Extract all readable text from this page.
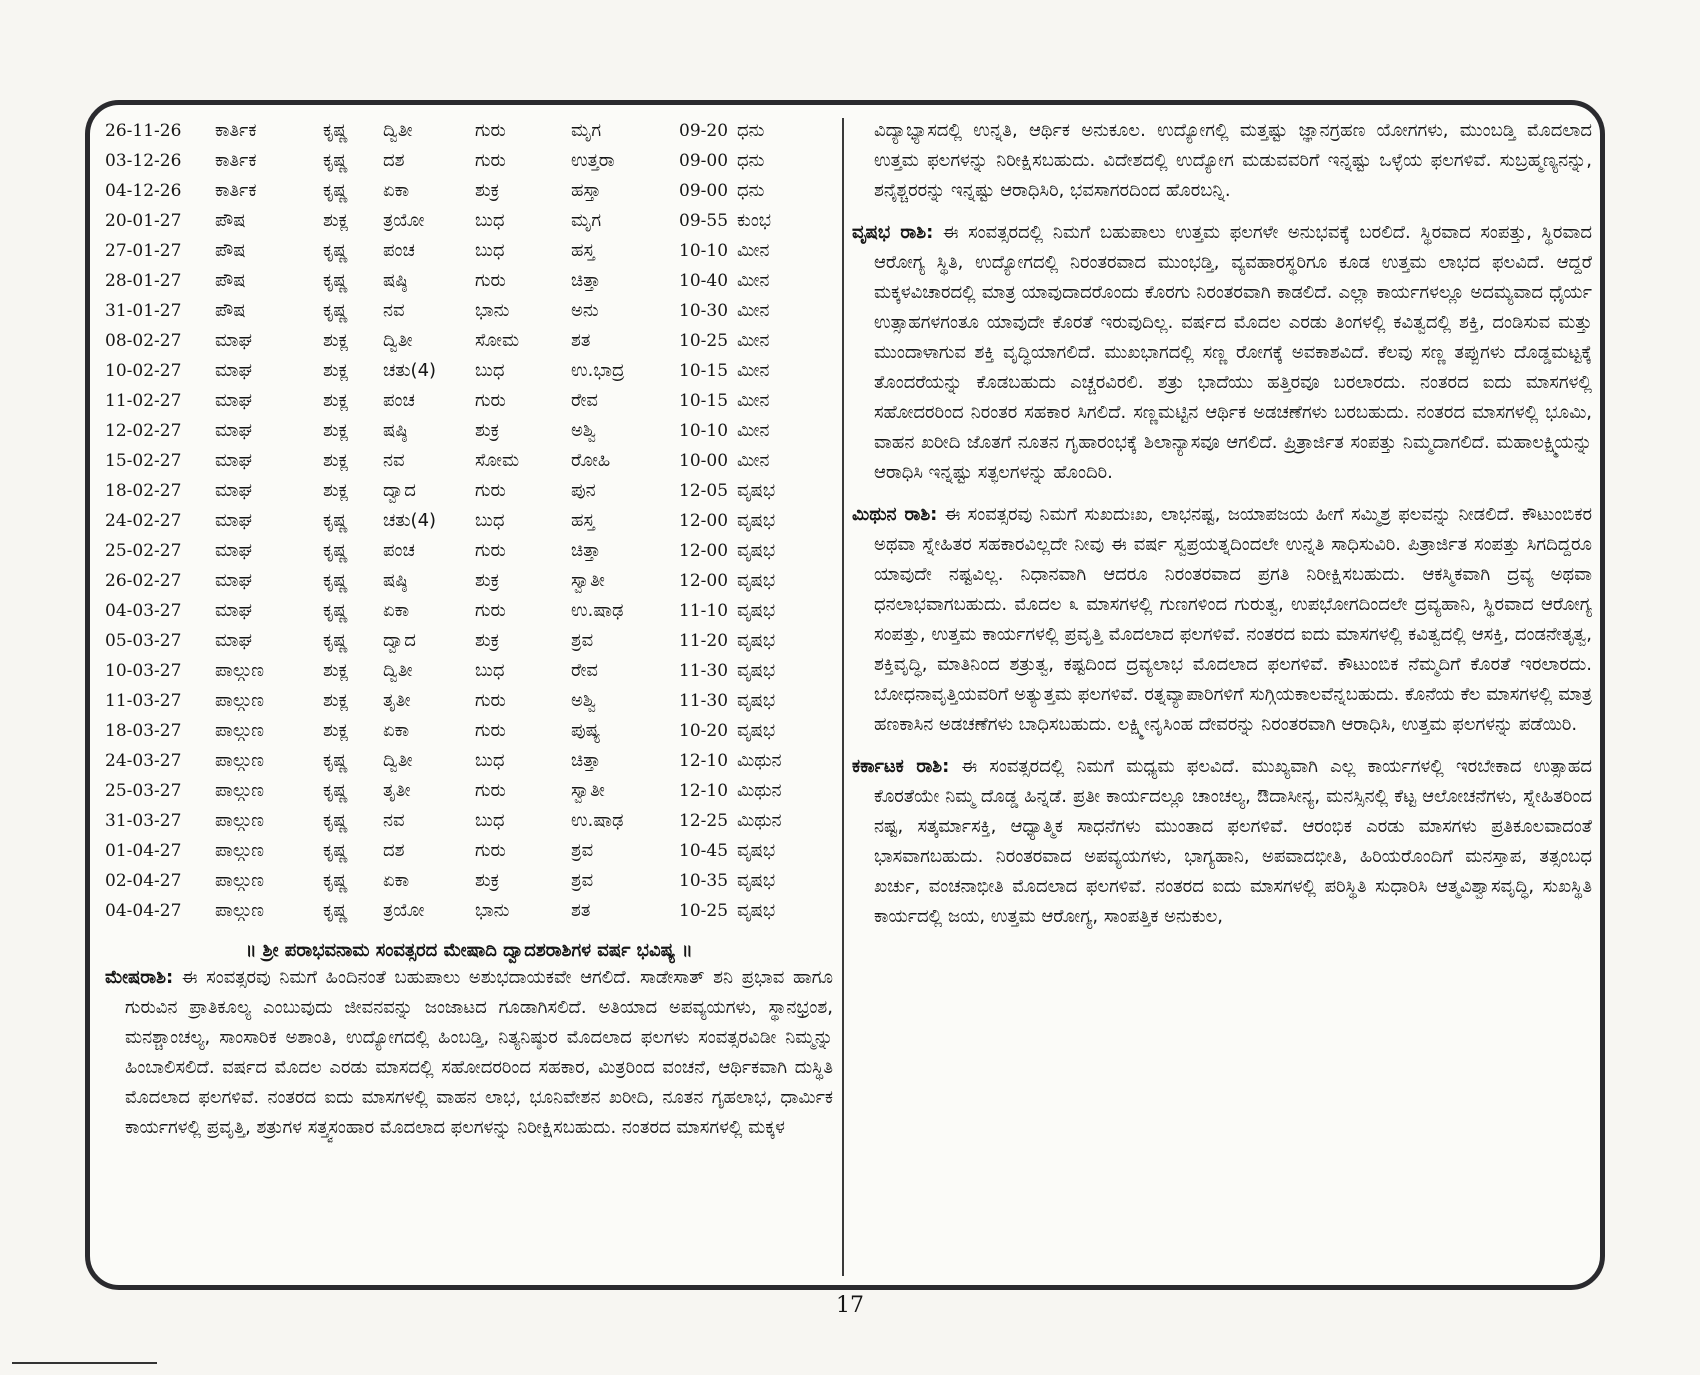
26-11-26	ಕಾರ್ತಿಕ	ಕೃಷ್ಣ	ದ್ವಿತೀ	ಗುರು	ಮೃಗ	09-20	ಧನು
03-12-26	ಕಾರ್ತಿಕ	ಕೃಷ್ಣ	ದಶ	ಗುರು	ಉತ್ತರಾ	09-00	ಧನು
04-12-26	ಕಾರ್ತಿಕ	ಕೃಷ್ಣ	ಏಕಾ	ಶುಕ್ರ	ಹಸ್ತಾ	09-00	ಧನು
20-01-27	ಪೌಷ	ಶುಕ್ಲ	ತ್ರಯೋ	ಬುಧ	ಮೃಗ	09-55	ಕುಂಭ
27-01-27	ಪೌಷ	ಕೃಷ್ಣ	ಪಂಚ	ಬುಧ	ಹಸ್ತ	10-10	ಮೀನ
28-01-27	ಪೌಷ	ಕೃಷ್ಣ	ಷಷ್ಠಿ	ಗುರು	ಚಿತ್ತಾ	10-40	ಮೀನ
31-01-27	ಪೌಷ	ಕೃಷ್ಣ	ನವ	ಭಾನು	ಅನು	10-30	ಮೀನ
08-02-27	ಮಾಘ	ಶುಕ್ಲ	ದ್ವಿತೀ	ಸೋಮ	ಶತ	10-25	ಮೀನ
10-02-27	ಮಾಘ	ಶುಕ್ಲ	ಚತು(4)	ಬುಧ	ಉ.ಭಾದ್ರ	10-15	ಮೀನ
11-02-27	ಮಾಘ	ಶುಕ್ಲ	ಪಂಚ	ಗುರು	ರೇವ	10-15	ಮೀನ
12-02-27	ಮಾಘ	ಶುಕ್ಲ	ಷಷ್ಠಿ	ಶುಕ್ರ	ಅಶ್ವಿ	10-10	ಮೀನ
15-02-27	ಮಾಘ	ಶುಕ್ಲ	ನವ	ಸೋಮ	ರೋಹಿ	10-00	ಮೀನ
18-02-27	ಮಾಘ	ಶುಕ್ಲ	ದ್ವಾದ	ಗುರು	ಪುನ	12-05	ವೃಷಭ
24-02-27	ಮಾಘ	ಕೃಷ್ಣ	ಚತು(4)	ಬುಧ	ಹಸ್ತ	12-00	ವೃಷಭ
25-02-27	ಮಾಘ	ಕೃಷ್ಣ	ಪಂಚ	ಗುರು	ಚಿತ್ತಾ	12-00	ವೃಷಭ
26-02-27	ಮಾಘ	ಕೃಷ್ಣ	ಷಷ್ಠಿ	ಶುಕ್ರ	ಸ್ವಾತೀ	12-00	ವೃಷಭ
04-03-27	ಮಾಘ	ಕೃಷ್ಣ	ಏಕಾ	ಗುರು	ಉ.ಷಾಢ	11-10	ವೃಷಭ
05-03-27	ಮಾಘ	ಕೃಷ್ಣ	ದ್ವಾದ	ಶುಕ್ರ	ಶ್ರವ	11-20	ವೃಷಭ
10-03-27	ಪಾಲ್ಗುಣ	ಶುಕ್ಲ	ದ್ವಿತೀ	ಬುಧ	ರೇವ	11-30	ವೃಷಭ
11-03-27	ಪಾಲ್ಗುಣ	ಶುಕ್ಲ	ತೃತೀ	ಗುರು	ಅಶ್ವಿ	11-30	ವೃಷಭ
18-03-27	ಪಾಲ್ಗುಣ	ಶುಕ್ಲ	ಏಕಾ	ಗುರು	ಪುಷ್ಯ	10-20	ವೃಷಭ
24-03-27	ಪಾಲ್ಗುಣ	ಕೃಷ್ಣ	ದ್ವಿತೀ	ಬುಧ	ಚಿತ್ತಾ	12-10	ಮಿಥುನ
25-03-27	ಪಾಲ್ಗುಣ	ಕೃಷ್ಣ	ತೃತೀ	ಗುರು	ಸ್ವಾತೀ	12-10	ಮಿಥುನ
31-03-27	ಪಾಲ್ಗುಣ	ಕೃಷ್ಣ	ನವ	ಬುಧ	ಉ.ಷಾಢ	12-25	ಮಿಥುನ
01-04-27	ಪಾಲ್ಗುಣ	ಕೃಷ್ಣ	ದಶ	ಗುರು	ಶ್ರವ	10-45	ವೃಷಭ
02-04-27	ಪಾಲ್ಗುಣ	ಕೃಷ್ಣ	ಏಕಾ	ಶುಕ್ರ	ಶ್ರವ	10-35	ವೃಷಭ
04-04-27	ಪಾಲ್ಗುಣ	ಕೃಷ್ಣ	ತ್ರಯೋ	ಭಾನು	ಶತ	10-25	ವೃಷಭ
॥ ಶ್ರೀ ಪರಾಭವನಾಮ ಸಂವತ್ಸರದ ಮೇಷಾದಿ ದ್ವಾದಶರಾಶಿಗಳ ವರ್ಷ ಭವಿಷ್ಯ ॥

ಮೇಷರಾಶಿ: ಈ ಸಂವತ್ಸರವು ನಿಮಗೆ ಹಿಂದಿನಂತೆ ಬಹುಪಾಲು ಅಶುಭದಾಯಕವೇ ಆಗಲಿದೆ. ಸಾಡೇಸಾತ್ ಶನಿ ಪ್ರಭಾವ ಹಾಗೂ ಗುರುವಿನ ಪ್ರಾತಿಕೂಲ್ಯ ಎಂಬುವುದು ಜೀವನವನ್ನು ಜಂಜಾಟದ ಗೂಡಾಗಿಸಲಿದೆ. ಅತಿಯಾದ ಅಪವ್ಯಯಗಳು, ಸ್ಥಾನಭ್ರಂಶ, ಮನಶ್ಚಾಂಚಲ್ಯ, ಸಾಂಸಾರಿಕ ಅಶಾಂತಿ, ಉದ್ಯೋಗದಲ್ಲಿ ಹಿಂಬಡ್ತಿ, ನಿತ್ಯನಿಷ್ಠುರ ಮೊದಲಾದ ಫಲಗಳು ಸಂವತ್ಸರವಿಡೀ ನಿಮ್ಮನ್ನು ಹಿಂಬಾಲಿಸಲಿದೆ. ವರ್ಷದ ಮೊದಲ ಎರಡು ಮಾಸದಲ್ಲಿ ಸಹೋದರರಿಂದ ಸಹಕಾರ, ಮಿತ್ರರಿಂದ ವಂಚನೆ, ಆರ್ಥಿಕವಾಗಿ ದುಸ್ಥಿತಿ ಮೊದಲಾದ ಫಲಗಳಿವೆ. ನಂತರದ ಐದು ಮಾಸಗಳಲ್ಲಿ ವಾಹನ ಲಾಭ, ಭೂನಿವೇಶನ ಖರೀದಿ, ನೂತನ ಗೃಹಲಾಭ, ಧಾರ್ಮಿಕ ಕಾರ್ಯಗಳಲ್ಲಿ ಪ್ರವೃತ್ತಿ, ಶತ್ರುಗಳ ಸತ್ತ್ವಸಂಹಾರ ಮೊದಲಾದ ಫಲಗಳನ್ನು ನಿರೀಕ್ಷಿಸಬಹುದು. ನಂತರದ ಮಾಸಗಳಲ್ಲಿ ಮಕ್ಕಳ

ವಿದ್ಯಾಭ್ಯಾಸದಲ್ಲಿ ಉನ್ನತಿ, ಆರ್ಥಿಕ ಅನುಕೂಲ. ಉದ್ಯೋಗಲ್ಲಿ ಮತ್ತಷ್ಟು ಜ್ಞಾನಗ್ರಹಣ ಯೋಗಗಳು, ಮುಂಬಡ್ತಿ ಮೊದಲಾದ ಉತ್ತಮ ಫಲಗಳನ್ನು ನಿರೀಕ್ಷಿಸಬಹುದು. ವಿದೇಶದಲ್ಲಿ ಉದ್ಯೋಗ ಮಡುವವರಿಗೆ ಇನ್ನಷ್ಟು ಒಳ್ಳೆಯ ಫಲಗಳಿವೆ. ಸುಬ್ರಹ್ಮಣ್ಯನನ್ನು, ಶನೈಶ್ಚರರನ್ನು ಇನ್ನಷ್ಟು ಆರಾಧಿಸಿರಿ, ಭವಸಾಗರದಿಂದ ಹೊರಬನ್ನಿ.

ವೃಷಭ ರಾಶಿ: ಈ ಸಂವತ್ಸರದಲ್ಲಿ ನಿಮಗೆ ಬಹುಪಾಲು ಉತ್ತಮ ಫಲಗಳೇ ಅನುಭವಕ್ಕೆ ಬರಲಿದೆ. ಸ್ಥಿರವಾದ ಸಂಪತ್ತು, ಸ್ಥಿರವಾದ ಆರೋಗ್ಯ ಸ್ಥಿತಿ, ಉದ್ಯೋಗದಲ್ಲಿ ನಿರಂತರವಾದ ಮುಂಭಡ್ತಿ, ವ್ಯವಹಾರಸ್ಥರಿಗೂ ಕೂಡ ಉತ್ತಮ ಲಾಭದ ಫಲವಿದೆ. ಆದ್ದರೆ ಮಕ್ಕಳವಿಚಾರದಲ್ಲಿ ಮಾತ್ರ ಯಾವುದಾದರೊಂದು ಕೊರಗು ನಿರಂತರವಾಗಿ ಕಾಡಲಿದೆ. ಎಲ್ಲಾ ಕಾರ್ಯಗಳಲ್ಲೂ ಅದಮ್ಯವಾದ ಧೈರ್ಯ ಉತ್ಸಾಹಗಳಗಂತೂ ಯಾವುದೇ ಕೊರತೆ ಇರುವುದಿಲ್ಲ. ವರ್ಷದ ಮೊದಲ ಎರಡು ತಿಂಗಳಲ್ಲಿ ಕವಿತ್ವದಲ್ಲಿ ಶಕ್ತಿ, ದಂಡಿಸುವ ಮತ್ತು ಮುಂದಾಳಾಗುವ ಶಕ್ತಿ ವೃದ್ಧಿಯಾಗಲಿದೆ. ಮುಖಭಾಗದಲ್ಲಿ ಸಣ್ಣ ರೋಗಕ್ಕೆ ಅವಕಾಶವಿದೆ. ಕೆಲವು ಸಣ್ಣ ತಪ್ಪುಗಳು ದೊಡ್ಡಮಟ್ಟಕ್ಕೆ ತೊಂದರೆಯನ್ನು ಕೊಡಬಹುದು ಎಚ್ಚರವಿರಲಿ. ಶತ್ರು ಭಾದೆಯು ಹತ್ತಿರವೂ ಬರಲಾರದು. ನಂತರದ ಐದು ಮಾಸಗಳಲ್ಲಿ ಸಹೋದರರಿಂದ ನಿರಂತರ ಸಹಕಾರ ಸಿಗಲಿದೆ. ಸಣ್ಣಮಟ್ಟಿನ ಆರ್ಥಿಕ ಅಡಚಣೆಗಳು ಬರಬಹುದು. ನಂತರದ ಮಾಸಗಳಲ್ಲಿ ಭೂಮಿ, ವಾಹನ ಖರೀದಿ ಜೊತಗೆ ನೂತನ ಗೃಹಾರಂಭಕ್ಕೆ ಶಿಲಾನ್ಯಾಸವೂ ಆಗಲಿದೆ. ಪ್ರಿತ್ರಾರ್ಜಿತ ಸಂಪತ್ತು ನಿಮ್ಮದಾಗಲಿದೆ. ಮಹಾಲಕ್ಷ್ಮಿಯನ್ನು ಆರಾಧಿಸಿ ಇನ್ನಷ್ಟು ಸತ್ಫಲಗಳನ್ನು ಹೊಂದಿರಿ.

ಮಿಥುನ ರಾಶಿ: ಈ ಸಂವತ್ಸರವು ನಿಮಗೆ ಸುಖದುಃಖ, ಲಾಭನಷ್ಟ, ಜಯಾಪಜಯ ಹೀಗೆ ಸಮ್ಮಿಶ್ರ ಫಲವನ್ನು ನೀಡಲಿದೆ. ಕೌಟುಂಬಿಕರ ಅಥವಾ ಸ್ನೇಹಿತರ ಸಹಕಾರವಿಲ್ಲದೇ ನೀವು ಈ ವರ್ಷ ಸ್ವಪ್ರಯತ್ನದಿಂದಲೇ ಉನ್ನತಿ ಸಾಧಿಸುವಿರಿ. ಪಿತ್ರಾರ್ಜಿತ ಸಂಪತ್ತು ಸಿಗದಿದ್ದರೂ ಯಾವುದೇ ನಷ್ಟವಿಲ್ಲ. ನಿಧಾನವಾಗಿ ಆದರೂ ನಿರಂತರವಾದ ಪ್ರಗತಿ ನಿರೀಕ್ಷಿಸಬಹುದು. ಆಕಸ್ಮಿಕವಾಗಿ ದ್ರವ್ಯ ಅಥವಾ ಧನಲಾಭವಾಗಬಹುದು. ಮೊದಲ ೩ ಮಾಸಗಳಲ್ಲಿ ಗುಣಗಳಿಂದ ಗುರುತ್ವ, ಉಪಭೋಗದಿಂದಲೇ ದ್ರವ್ಯಹಾನಿ, ಸ್ಥಿರವಾದ ಆರೋಗ್ಯ ಸಂಪತ್ತು, ಉತ್ತಮ ಕಾರ್ಯಗಳಲ್ಲಿ ಪ್ರವೃತ್ತಿ ಮೊದಲಾದ ಫಲಗಳಿವೆ. ನಂತರದ ಐದು ಮಾಸಗಳಲ್ಲಿ ಕವಿತ್ವದಲ್ಲಿ ಆಸಕ್ತಿ, ದಂಡನೇತೃತ್ವ, ಶಕ್ತಿವೃದ್ಧಿ, ಮಾತಿನಿಂದ ಶತ್ರುತ್ವ, ಕಷ್ಟದಿಂದ ದ್ರವ್ಯಲಾಭ ಮೊದಲಾದ ಫಲಗಳಿವೆ. ಕೌಟುಂಬಿಕ ನೆಮ್ಮದಿಗೆ ಕೊರತೆ ಇರಲಾರದು. ಬೋಧನಾವೃತ್ತಿಯವರಿಗೆ ಅತ್ಯುತ್ತಮ ಫಲಗಳಿವೆ. ರತ್ನವ್ಯಾಪಾರಿಗಳಿಗೆ ಸುಗ್ಗಿಯಕಾಲವೆನ್ನಬಹುದು. ಕೊನೆಯ ಕೆಲ ಮಾಸಗಳಲ್ಲಿ ಮಾತ್ರ ಹಣಕಾಸಿನ ಅಡಚಣೆಗಳು ಬಾಧಿಸಬಹುದು. ಲಕ್ಷ್ಮೀನೃಸಿಂಹ ದೇವರನ್ನು ನಿರಂತರವಾಗಿ ಆರಾಧಿಸಿ, ಉತ್ತಮ ಫಲಗಳನ್ನು ಪಡೆಯಿರಿ.

ಕರ್ಕಾಟಕ ರಾಶಿ: ಈ ಸಂವತ್ಸರದಲ್ಲಿ ನಿಮಗೆ ಮಧ್ಯಮ ಫಲವಿದೆ. ಮುಖ್ಯವಾಗಿ ಎಲ್ಲ ಕಾರ್ಯಗಳಲ್ಲಿ ಇರಬೇಕಾದ ಉತ್ಸಾಹದ ಕೊರತೆಯೇ ನಿಮ್ಮ ದೊಡ್ಡ ಹಿನ್ನಡೆ. ಪ್ರತೀ ಕಾರ್ಯದಲ್ಲೂ ಚಾಂಚಲ್ಯ, ಔದಾಸೀನ್ಯ, ಮನಸ್ಸಿನಲ್ಲಿ ಕೆಟ್ಟ ಆಲೋಚನೆಗಳು, ಸ್ನೇಹಿತರಿಂದ ನಷ್ಟ, ಸತ್ಕರ್ಮಾಸಕ್ತಿ, ಆಧ್ಯಾತ್ಮಿಕ ಸಾಧನೆಗಳು ಮುಂತಾದ ಫಲಗಳಿವೆ. ಆರಂಭಿಕ ಎರಡು ಮಾಸಗಳು ಪ್ರತಿಕೂಲವಾದಂತೆ ಭಾಸವಾಗಬಹುದು. ನಿರಂತರವಾದ ಅಪವ್ಯಯಗಳು, ಭಾಗ್ಯಹಾನಿ, ಅಪವಾದಭೀತಿ, ಹಿರಿಯರೊಂದಿಗೆ ಮನಸ್ತಾಪ, ತತ್ಸಂಬಧ ಖರ್ಚು, ವಂಚನಾಭೀತಿ ಮೊದಲಾದ ಫಲಗಳಿವೆ. ನಂತರದ ಐದು ಮಾಸಗಳಲ್ಲಿ ಪರಿಸ್ಥಿತಿ ಸುಧಾರಿಸಿ ಆತ್ಮವಿಶ್ವಾಸವೃದ್ಧಿ, ಸುಖಸ್ಥಿತಿ ಕಾರ್ಯದಲ್ಲಿ ಜಯ, ಉತ್ತಮ ಆರೋಗ್ಯ, ಸಾಂಪತ್ತಿಕ ಅನುಕುಲ,

17
